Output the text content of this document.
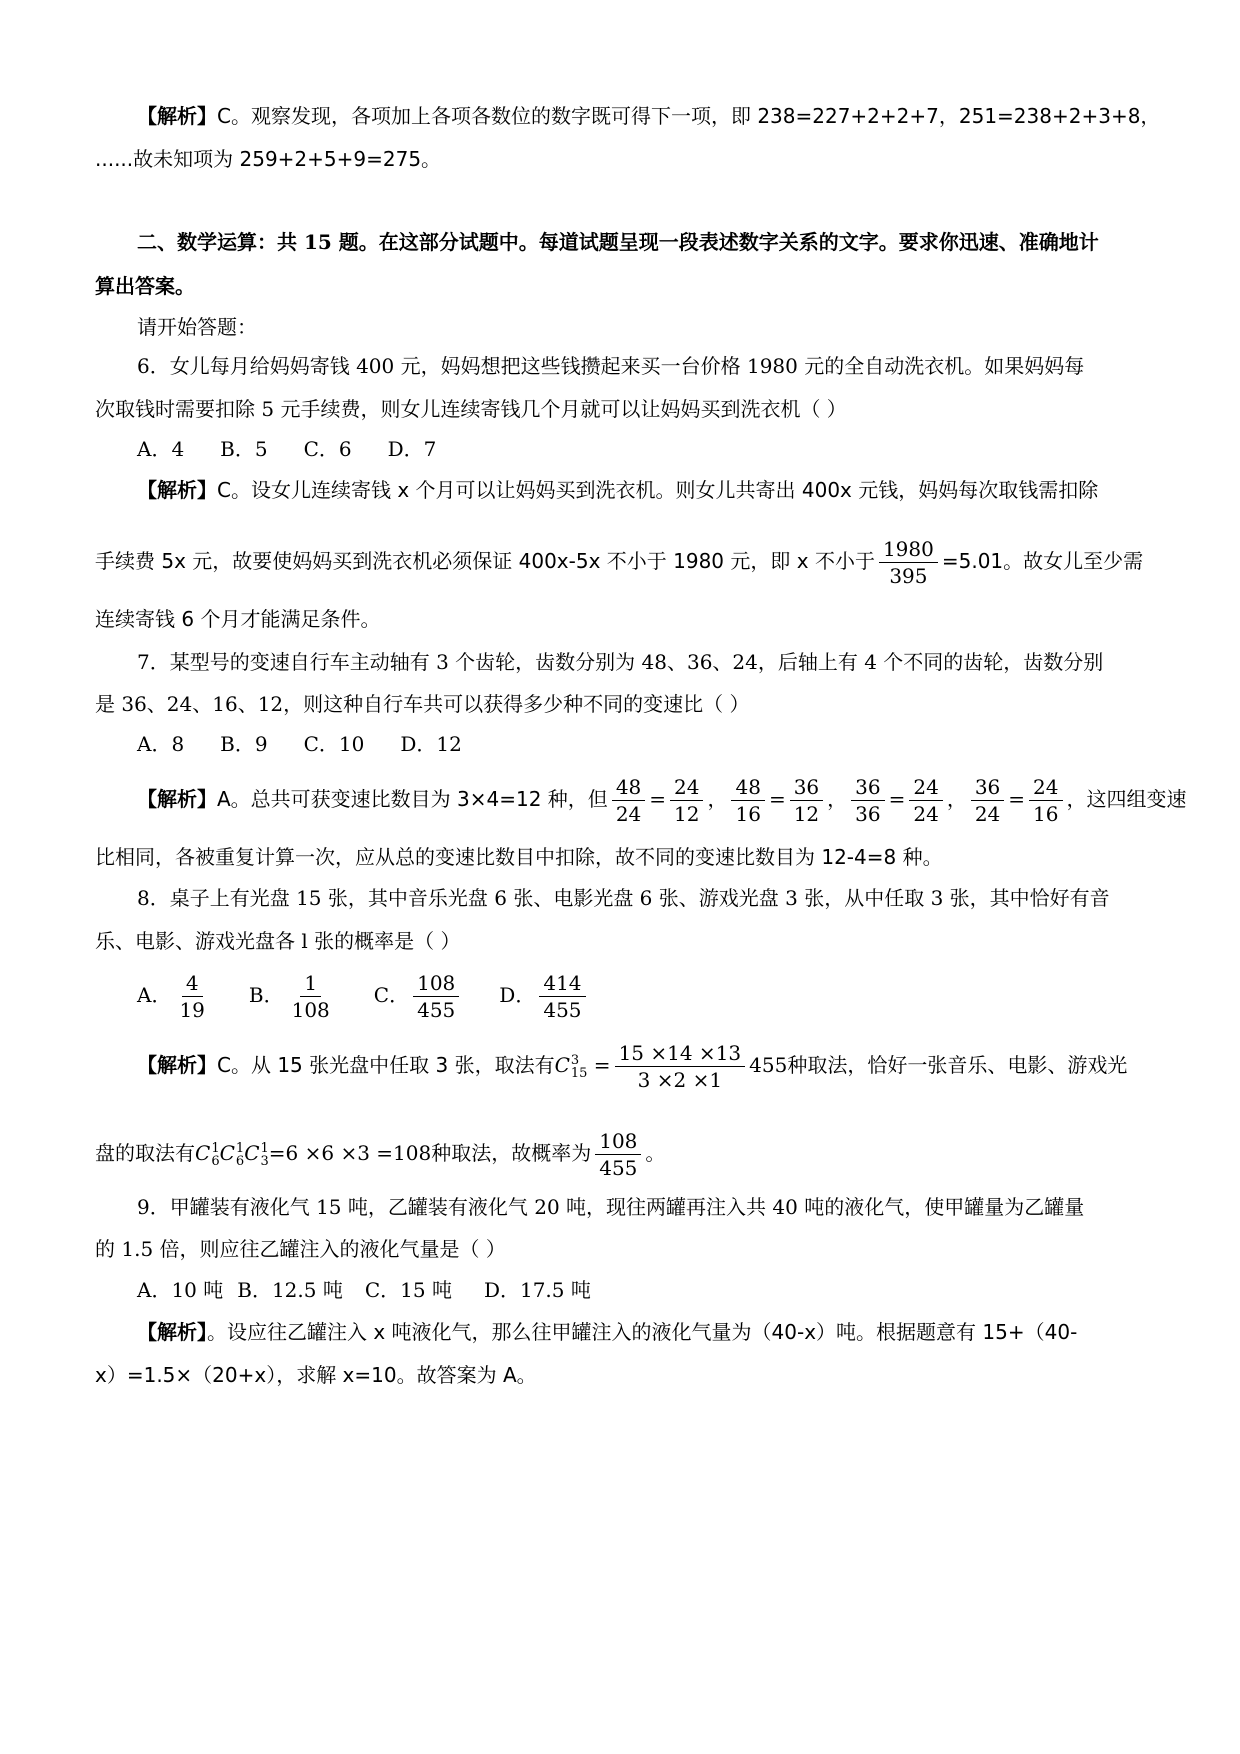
【解析】C。观察发现，各项加上各项各数位的数字既可得下一项，即 238=227+2+2+7，251=238+2+3+8，
......故未知项为 259+2+5+9=275。
二、数学运算：共 15 题。在这部分试题中。每道试题呈现一段表述数字关系的文字。要求你迅速、准确地计
算出答案。
请开始答题：
6．女儿每月给妈妈寄钱 400 元，妈妈想把这些钱攒起来买一台价格 1980 元的全自动洗衣机。如果妈妈每
次取钱时需要扣除 5 元手续费，则女儿连续寄钱几个月就可以让妈妈买到洗衣机（ ）
A．4 B．5 C．6 D．7
【解析】C。设女儿连续寄钱 x 个月可以让妈妈买到洗衣机。则女儿共寄出 400x 元钱，妈妈每次取钱需扣除
手续费 5x 元，故要使妈妈买到洗衣机必须保证 400x-5x 不小于 1980 元，即 x 不小于 $\frac{1980}{395} =5.01$。故女儿至少需
连续寄钱 6 个月才能满足条件。
7．某型号的变速自行车主动轴有 3 个齿轮，齿数分别为 48、36、24，后轴上有 4 个不同的齿轮，齿数分别
是 36、24、16、12，则这种自行车共可以获得多少种不同的变速比（ ）
A．8 B．9 C．10 D．12
【解析】A。总共可获变速比数目为 3×4=12 种，但 $\frac{48}{24} = \frac{24}{12}$ ， $\frac{48}{16} = \frac{36}{12}$ ， $\frac{36}{36} = \frac{24}{24}$ ， $\frac{36}{24} = \frac{24}{16}$ ，这四组变速
比相同，各被重复计算一次，应从总的变速比数目中扣除，故不同的变速比数目为 12-4=8 种。
8．桌子上有光盘 15 张，其中音乐光盘 6 张、电影光盘 6 张、游戏光盘 3 张，从中任取 3 张，其中恰好有音
乐、电影、游戏光盘各 l 张的概率是（ ）
A． $\frac{4}{19}$ B． $\frac{1}{108}$ C． $\frac{108}{455}$ D． $\frac{414}{455}$
【解析】C。从 15 张光盘中任取 3 张，取法有C 3
$15 = \frac{15 \times 14 \times 13}{3 \times 2 \times 1} 455$种取法，恰好一张音乐、电影、游戏光
盘的取法有C 1
6 C 1
6 C 1
3 =6 ×6 ×3 =108种取法，故概率为 $\frac{108}{455}$ 。
9．甲罐装有液化气 15 吨，乙罐装有液化气 20 吨，现往两罐再注入共 40 吨的液化气，使甲罐量为乙罐量
的 1.5 倍，则应往乙罐注入的液化气量是（ ）
A．10 吨 B．12.5 吨 C．15 吨 D．17.5 吨
【解析】。设应往乙罐注入 x 吨液化气，那么往甲罐注入的液化气量为（40-x）吨。根据题意有 15+（40-
x）=1.5×（20+x），求解 x=10。故答案为 A。
